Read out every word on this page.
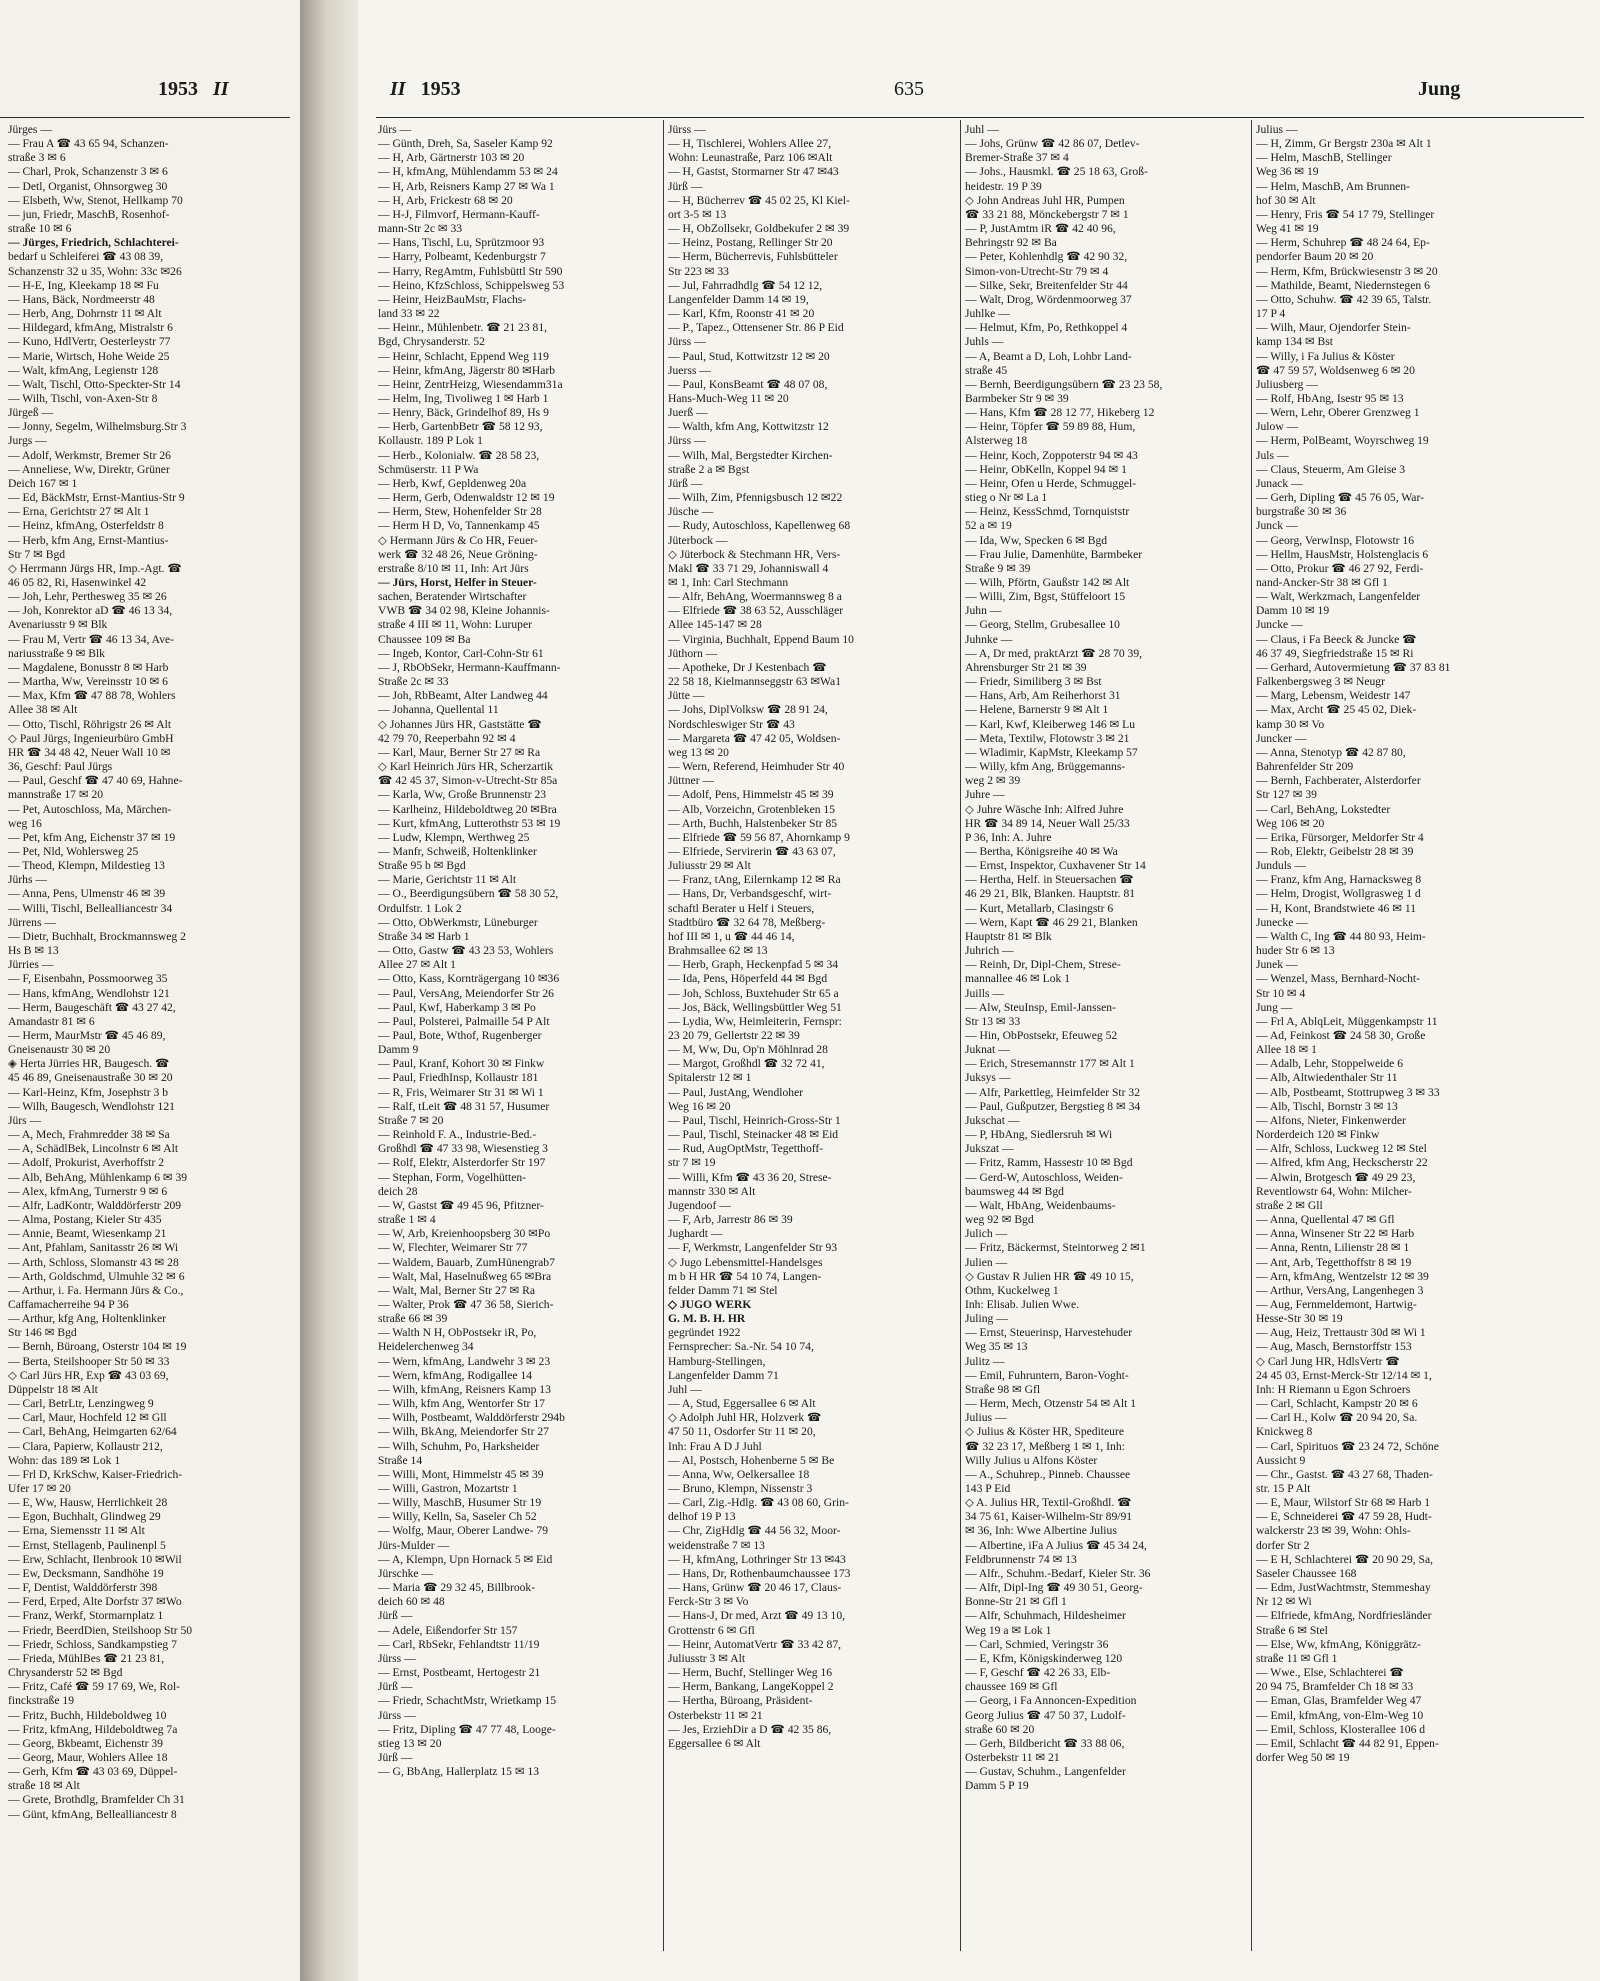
1953 II
Jürges —
— Frau A ☎ 43 65 94, Schanzen-
straße 3 ✉ 6
— Charl, Prok, Schanzenstr 3 ✉ 6
— Detl, Organist, Ohnsorgweg 30
— Elsbeth, Ww, Stenot, Hellkamp 70
— jun, Friedr, MaschB, Rosenhof-
straße 10 ✉ 6
— Jürges, Friedrich, Schlachterei-
bedarf u Schleiferei ☎ 43 08 39,
Schanzenstr 32 u 35, Wohn: 33c ✉26
— H-E, Ing, Kleekamp 18 ✉ Fu
— Hans, Bäck, Nordmeerstr 48
— Herb, Ang, Dohrnstr 11 ✉ Alt
— Hildegard, kfmAng, Mistralstr 6
— Kuno, HdlVertr, Oesterleystr 77
— Marie, Wirtsch, Hohe Weide 25
— Walt, kfmAng, Legienstr 128
— Walt, Tischl, Otto-Speckter-Str 14
— Wilh, Tischl, von-Axen-Str 8
Jürgeß —
— Jonny, Segelm, Wilhelmsburg.Str 3
Jurgs —
— Adolf, Werkmstr, Bremer Str 26
— Anneliese, Ww, Direktr, Grüner
Deich 167 ✉ 1
— Ed, BäckMstr, Ernst-Mantius-Str 9
— Erna, Gerichtstr 27 ✉ Alt 1
— Heinz, kfmAng, Osterfeldstr 8
— Herb, kfm Ang, Ernst-Mantius-
Str 7 ✉ Bgd
◇ Herrmann Jürgs HR, Imp.-Agt. ☎
46 05 82, Ri, Hasenwinkel 42
— Joh, Lehr, Perthesweg 35 ✉ 26
— Joh, Konrektor aD ☎ 46 13 34,
Avenariusstr 9 ✉ Blk
— Frau M, Vertr ☎ 46 13 34, Ave-
nariusstraße 9 ✉ Blk
— Magdalene, Bonusstr 8 ✉ Harb
— Martha, Ww, Vereinsstr 10 ✉ 6
— Max, Kfm ☎ 47 88 78, Wohlers
Allee 38 ✉ Alt
— Otto, Tischl, Röhrigstr 26 ✉ Alt
◇ Paul Jürgs, Ingenieurbüro GmbH
HR ☎ 34 48 42, Neuer Wall 10 ✉
36, Geschf: Paul Jürgs
— Paul, Geschf ☎ 47 40 69, Hahne-
mannstraße 17 ✉ 20
— Pet, Autoschloss, Ma, Märchen-
weg 16
— Pet, kfm Ang, Eichenstr 37 ✉ 19
— Pet, Nld, Wohlersweg 25
— Theod, Klempn, Mildestieg 13
Jürhs —
— Anna, Pens, Ulmenstr 46 ✉ 39
— Willi, Tischl, Bellealliancestr 34
Jürrens —
— Dietr, Buchhalt, Brockmannsweg 2
Hs B ✉ 13
Jürries —
— F, Eisenbahn, Possmoorweg 35
— Hans, kfmAng, Wendlohstr 121
— Herm, Baugeschäft ☎ 43 27 42,
Amandastr 81 ✉ 6
— Herm, MaurMstr ☎ 45 46 89,
Gneisenaustr 30 ✉ 20
◈ Herta Jürries HR, Baugesch. ☎
45 46 89, Gneisenaustraße 30 ✉ 20
— Karl-Heinz, Kfm, Josephstr 3 b
— Wilh, Baugesch, Wendlohstr 121
Jürs —
— A, Mech, Frahmredder 38 ✉ Sa
— A, SchädlBek, Lincolnstr 6 ✉ Alt
— Adolf, Prokurist, Averhoffstr 2
— Alb, BehAng, Mühlenkamp 6 ✉ 39
— Alex, kfmAng, Turnerstr 9 ✉ 6
— Alfr, LadKontr, Walddörferstr 209
— Alma, Postang, Kieler Str 435
— Annie, Beamt, Wiesenkamp 21
— Ant, Pfahlam, Sanitasstr 26 ✉ Wi
— Arth, Schloss, Slomanstr 43 ✉ 28
— Arth, Goldschmd, Ulmuhle 32 ✉ 6
— Arthur, i. Fa. Hermann Jürs & Co.,
Caffamacherreihe 94 P 36
— Arthur, kfg Ang, Holtenklinker
Str 146 ✉ Bgd
— Bernh, Büroang, Osterstr 104 ✉ 19
— Berta, Steilshooper Str 50 ✉ 33
◇ Carl Jürs HR, Exp ☎ 43 03 69,
Düppelstr 18 ✉ Alt
— Carl, BetrLtr, Lenzingweg 9
— Carl, Maur, Hochfeld 12 ✉ Gll
— Carl, BehAng, Heimgarten 62/64
— Clara, Papierw, Kollaustr 212,
Wohn: das 189 ✉ Lok 1
— Frl D, KrkSchw, Kaiser-Friedrich-
Ufer 17 ✉ 20
— E, Ww, Hausw, Herrlichkeit 28
— Egon, Buchhalt, Glindweg 29
— Erna, Siemensstr 11 ✉ Alt
— Ernst, Stellagenb, Paulinenpl 5
— Erw, Schlacht, Ilenbrook 10 ✉Wil
— Ew, Decksmann, Sandhöhe 19
— F, Dentist, Walddörferstr 398
— Ferd, Erped, Alte Dorfstr 37 ✉Wo
— Franz, Werkf, Stormarnplatz 1
— Friedr, BeerdDien, Steilshoop Str 50
— Friedr, Schloss, Sandkampstieg 7
— Frieda, MühlBes ☎ 21 23 81,
Chrysanderstr 52 ✉ Bgd
— Fritz, Café ☎ 59 17 69, We, Rol-
finckstraße 19
— Fritz, Buchh, Hildeboldweg 10
— Fritz, kfmAng, Hildeboldtweg 7a
— Georg, Bkbeamt, Eichenstr 39
— Georg, Maur, Wohlers Allee 18
— Gerh, Kfm ☎ 43 03 69, Düppel-
straße 18 ✉ Alt
— Grete, Brothdlg, Bramfelder Ch 31
— Günt, kfmAng, Bellealliancestr 8
II 1953	635	Jung
Jürs —
— Günth, Dreh, Sa, Saseler Kamp 92
— H, Arb, Gärtnerstr 103 ✉ 20
— H, kfmAng, Mühlendamm 53 ✉ 24
— H, Arb, Reisners Kamp 27 ✉ Wa 1
— H, Arb, Frickestr 68 ✉ 20
— H-J, Filmvorf, Hermann-Kauff-
mann-Str 2c ✉ 33
— Hans, Tischl, Lu, Sprützmoor 93
— Harry, Polbeamt, Kedenburgstr 7
— Harry, RegAmtm, Fuhlsbüttl Str 590
— Heino, KfzSchloss, Schippelsweg 53
— Heinr, HeizBauMstr, Flachs-
land 33 ✉ 22
— Heinr., Mühlenbetr. ☎ 21 23 81,
Bgd, Chrysanderstr. 52
— Heinr, Schlacht, Eppend Weg 119
— Heinr, kfmAng, Jägerstr 80 ✉Harb
— Heinr, ZentrHeizg, Wiesendamm31a
— Helm, Ing, Tivoliweg 1 ✉ Harb 1
— Henry, Bäck, Grindelhof 89, Hs 9
— Herb, GartenbBetr ☎ 58 12 93,
Kollaustr. 189 P Lok 1
— Herb., Kolonialw. ☎ 28 58 23,
Schmüserstr. 11 P Wa
— Herb, Kwf, Gepldenweg 20a
— Herm, Gerb, Odenwaldstr 12 ✉ 19
— Herm, Stew, Hohenfelder Str 28
— Herm H D, Vo, Tannenkamp 45
◇ Hermann Jürs & Co HR, Feuer-
werk ☎ 32 48 26, Neue Gröning-
erstraße 8/10 ✉ 11, Inh: Art Jürs
— Jürs, Horst, Helfer in Steuer-
sachen, Beratender Wirtschafter
VWB ☎ 34 02 98, Kleine Johannis-
straße 4 III ✉ 11, Wohn: Luruper
Chaussee 109 ✉ Ba
— Ingeb, Kontor, Carl-Cohn-Str 61
— J, RbObSekr, Hermann-Kauffmann-
Straße 2c ✉ 33
— Joh, RbBeamt, Alter Landweg 44
— Johanna, Quellental 11
◇ Johannes Jürs HR, Gaststätte ☎
42 79 70, Reeperbahn 92 ✉ 4
— Karl, Maur, Berner Str 27 ✉ Ra
◇ Karl Heinrich Jürs HR, Scherzartik
☎ 42 45 37, Simon-v-Utrecht-Str 85a
— Karla, Ww, Große Brunnenstr 23
— Karlheinz, Hildeboldtweg 20 ✉Bra
— Kurt, kfmAng, Lutterothstr 53 ✉ 19
— Ludw, Klempn, Werthweg 25
— Manfr, Schweiß, Holtenklinker
Straße 95 b ✉ Bgd
— Marie, Gerichtstr 11 ✉ Alt
— O., Beerdigungsübern ☎ 58 30 52,
Ordulfstr. 1 Lok 2
— Otto, ObWerkmstr, Lüneburger
Straße 34 ✉ Harb 1
— Otto, Gastw ☎ 43 23 53, Wohlers
Allee 27 ✉ Alt 1
— Otto, Kass, Kornträgergang 10 ✉36
— Paul, VersAng, Meiendorfer Str 26
— Paul, Kwf, Haberkamp 3 ✉ Po
— Paul, Polsterei, Palmaille 54 P Alt
— Paul, Bote, Wthof, Rugenberger
Damm 9
— Paul, Kranf, Kohort 30 ✉ Finkw
— Paul, FriedhInsp, Kollaustr 181
— R, Fris, Weimarer Str 31 ✉ Wi 1
— Ralf, tLeit ☎ 48 31 57, Husumer
Straße 7 ✉ 20
— Reinhold F. A., Industrie-Bed.-
Großhdl ☎ 47 33 98, Wiesenstieg 3
— Rolf, Elektr, Alsterdorfer Str 197
— Stephan, Form, Vogelhütten-
deich 28
— W, Gastst ☎ 49 45 96, Pfitzner-
straße 1 ✉ 4
— W, Arb, Kreienhoopsberg 30 ✉Po
— W, Flechter, Weimarer Str 77
— Waldem, Bauarb, ZumHünengrab7
— Walt, Mal, Haselnußweg 65 ✉Bra
— Walt, Mal, Berner Str 27 ✉ Ra
— Walter, Prok ☎ 47 36 58, Sierich-
straße 66 ✉ 39
— Walth N H, ObPostsekr iR, Po,
Heidelerchenweg 34
— Wern, kfmAng, Landwehr 3 ✉ 23
— Wern, kfmAng, Rodigallee 14
— Wilh, kfmAng, Reisners Kamp 13
— Wilh, kfm Ang, Wentorfer Str 17
— Wilh, Postbeamt, Walddörferstr 294b
— Wilh, BkAng, Meiendorfer Str 27
— Wilh, Schuhm, Po, Harksheider
Straße 14
— Willi, Mont, Himmelstr 45 ✉ 39
— Willi, Gastron, Mozartstr 1
— Willy, MaschB, Husumer Str 19
— Willy, Kelln, Sa, Saseler Ch 52
— Wolfg, Maur, Oberer Landwe- 79
Jürs-Mulder —
— A, Klempn, Upn Hornack 5 ✉ Eid
Jürschke —
— Maria ☎ 29 32 45, Billbrook-
deich 60 ✉ 48
Jürß —
— Adele, Eißendorfer Str 157
— Carl, RbSekr, Fehlandtstr 11/19
Jürss —
— Ernst, Postbeamt, Hertogestr 21
Jürß —
— Friedr, SchachtMstr, Wrietkamp 15
Jürss —
— Fritz, Dipling ☎ 47 77 48, Looge-
stieg 13 ✉ 20
Jürß —
— G, BbAng, Hallerplatz 15 ✉ 13
Jürss —
— H, Tischlerei, Wohlers Allee 27,
Wohn: Leunastraße, Parz 106 ✉Alt
— H, Gastst, Stormarner Str 47 ✉43
Jürß —
— H, Bücherrev ☎ 45 02 25, Kl Kiel-
ort 3-5 ✉ 13
— H, ObZollsekr, Goldbekufer 2 ✉ 39
— Heinz, Postang, Rellinger Str 20
— Herm, Bücherrevis, Fuhlsbütteler
Str 223 ✉ 33
— Jul, Fahrradhdlg ☎ 54 12 12,
Langenfelder Damm 14 ✉ 19,
— Karl, Kfm, Roonstr 41 ✉ 20
— P., Tapez., Ottensener Str. 86 P Eid
Jürss —
— Paul, Stud, Kottwitzstr 12 ✉ 20
Juerss —
— Paul, KonsBeamt ☎ 48 07 08,
Hans-Much-Weg 11 ✉ 20
Juerß —
— Walth, kfm Ang, Kottwitzstr 12
Jürss —
— Wilh, Mal, Bergstedter Kirchen-
straße 2 a ✉ Bgst
Jürß —
— Wilh, Zim, Pfennigsbusch 12 ✉22
Jüsche —
— Rudy, Autoschloss, Kapellenweg 68
Jüterbock —
◇ Jüterbock & Stechmann HR, Vers-
Makl ☎ 33 71 29, Johanniswall 4
✉ 1, Inh: Carl Stechmann
— Alfr, BehAng, Woermannsweg 8 a
— Elfriede ☎ 38 63 52, Ausschläger
Allee 145-147 ✉ 28
— Virginia, Buchhalt, Eppend Baum 10
Jüthorn —
— Apotheke, Dr J Kestenbach ☎
22 58 18, Kielmannseggstr 63 ✉Wa1
Jütte —
— Johs, DiplVolksw ☎ 28 91 24,
Nordschleswiger Str ☎ 43
— Margareta ☎ 47 42 05, Woldsen-
weg 13 ✉ 20
— Wern, Referend, Heimhuder Str 40
Jüttner —
— Adolf, Pens, Himmelstr 45 ✉ 39
— Alb, Vorzeichn, Grotenbleken 15
— Arth, Buchh, Halstenbeker Str 85
— Elfriede ☎ 59 56 87, Ahornkamp 9
— Elfriede, Servirerin ☎ 43 63 07,
Juliusstr 29 ✉ Alt
— Franz, tAng, Eilernkamp 12 ✉ Ra
— Hans, Dr, Verbandsgeschf, wirt-
schaftl Berater u Helf i Steuers,
Stadtbüro ☎ 32 64 78, Meßberg-
hof III ✉ 1, u ☎ 44 46 14,
Brahmsallee 62 ✉ 13
— Herb, Graph, Heckenpfad 5 ✉ 34
— Ida, Pens, Höperfeld 44 ✉ Bgd
— Joh, Schloss, Buxtehuder Str 65 a
— Jos, Bäck, Wellingsbüttler Weg 51
— Lydia, Ww, Heimleiterin, Fernspr:
23 20 79, Gellertstr 22 ✉ 39
— M, Ww, Du, Op'n Möhlnrad 28
— Margot, Großhdl ☎ 32 72 41,
Spitalerstr 12 ✉ 1
— Paul, JustAng, Wendloher
Weg 16 ✉ 20
— Paul, Tischl, Heinrich-Gross-Str 1
— Paul, Tischl, Steinacker 48 ✉ Eid
— Rud, AugOptMstr, Tegetthoff-
str 7 ✉ 19
— Willi, Kfm ☎ 43 36 20, Strese-
mannstr 330 ✉ Alt
Jugendoof —
— F, Arb, Jarrestr 86 ✉ 39
Jughardt —
— F, Werkmstr, Langenfelder Str 93
◇ Jugo Lebensmittel-Handelsges
m b H HR ☎ 54 10 74, Langen-
felder Damm 71 ✉ Stel
◇ JUGO WERK
G. M. B. H. HR
gegründet 1922
Fernsprecher: Sa.-Nr. 54 10 74,
Hamburg-Stellingen,
Langenfelder Damm 71
Juhl —
— A, Stud, Eggersallee 6 ✉ Alt
◇ Adolph Juhl HR, Holzverk ☎
47 50 11, Osdorfer Str 11 ✉ 20,
Inh: Frau A D J Juhl
— Al, Postsch, Hohenberne 5 ✉ Be
— Anna, Ww, Oelkersallee 18
— Bruno, Klempn, Nissenstr 3
— Carl, Zig.-Hdlg. ☎ 43 08 60, Grin-
delhof 19 P 13
— Chr, ZigHdlg ☎ 44 56 32, Moor-
weidenstraße 7 ✉ 13
— H, kfmAng, Lothringer Str 13 ✉43
— Hans, Dr, Rothenbaumchaussee 173
— Hans, Grünw ☎ 20 46 17, Claus-
Ferck-Str 3 ✉ Vo
— Hans-J, Dr med, Arzt ☎ 49 13 10,
Grottenstr 6 ✉ Gfl
— Heinr, AutomatVertr ☎ 33 42 87,
Juliusstr 3 ✉ Alt
— Herm, Buchf, Stellinger Weg 16
— Herm, Bankang, LangeKoppel 2
— Hertha, Büroang, Präsident-
Osterbekstr 11 ✉ 21
— Jes, ErziehDir a D ☎ 42 35 86,
Eggersallee 6 ✉ Alt
Juhl —
— Johs, Grünw ☎ 42 86 07, Detlev-
Bremer-Straße 37 ✉ 4
— Johs., Hausmkl. ☎ 25 18 63, Groß-
heidestr. 19 P 39
◇ John Andreas Juhl HR, Pumpen
☎ 33 21 88, Mönckebergstr 7 ✉ 1
— P, JustAmtm iR ☎ 42 40 96,
Behringstr 92 ✉ Ba
— Peter, Kohlenhdlg ☎ 42 90 32,
Simon-von-Utrecht-Str 79 ✉ 4
— Silke, Sekr, Breitenfelder Str 44
— Walt, Drog, Wördenmoorweg 37
Juhlke —
— Helmut, Kfm, Po, Rethkoppel 4
Juhls —
— A, Beamt a D, Loh, Lohbr Land-
straße 45
— Bernh, Beerdigungsübern ☎ 23 23 58,
Barmbeker Str 9 ✉ 39
— Hans, Kfm ☎ 28 12 77, Hikeberg 12
— Heinr, Töpfer ☎ 59 89 88, Hum,
Alsterweg 18
— Heinr, Koch, Zoppoterstr 94 ✉ 43
— Heinr, ObKelln, Koppel 94 ✉ 1
— Heinr, Ofen u Herde, Schmuggel-
stieg o Nr ✉ La 1
— Heinz, KessSchmd, Tornquiststr
52 a ✉ 19
— Ida, Ww, Specken 6 ✉ Bgd
— Frau Julie, Damenhüte, Barmbeker
Straße 9 ✉ 39
— Wilh, Pförtn, Gaußstr 142 ✉ Alt
— Willi, Zim, Bgst, Stüffeloort 15
Juhn —
— Georg, Stellm, Grubesallee 10
Juhnke —
— A, Dr med, praktArzt ☎ 28 70 39,
Ahrensburger Str 21 ✉ 39
— Friedr, Similiberg 3 ✉ Bst
— Hans, Arb, Am Reiherhorst 31
— Helene, Barnerstr 9 ✉ Alt 1
— Karl, Kwf, Kleiberweg 146 ✉ Lu
— Meta, Textilw, Flotowstr 3 ✉ 21
— Wladimir, KapMstr, Kleekamp 57
— Willy, kfm Ang, Brüggemanns-
weg 2 ✉ 39
Juhre —
◇ Juhre Wäsche Inh: Alfred Juhre
HR ☎ 34 89 14, Neuer Wall 25/33
P 36, Inh: A. Juhre
— Bertha, Königsreihe 40 ✉ Wa
— Ernst, Inspektor, Cuxhavener Str 14
— Hertha, Helf. in Steuersachen ☎
46 29 21, Blk, Blanken. Hauptstr. 81
— Kurt, Metallarb, Clasingstr 6
— Wern, Kapt ☎ 46 29 21, Blanken
Hauptstr 81 ✉ Blk
Juhrich —
— Reinh, Dr, Dipl-Chem, Strese-
mannallee 46 ✉ Lok 1
Juills —
— Alw, SteuInsp, Emil-Janssen-
Str 13 ✉ 33
— Hin, ObPostsekr, Efeuweg 52
Juknat —
— Erich, Stresemannstr 177 ✉ Alt 1
Juksys —
— Alfr, Parkettleg, Heimfelder Str 32
— Paul, Gußputzer, Bergstieg 8 ✉ 34
Jukschat —
— P, HbAng, Siedlersruh ✉ Wi
Jukszat —
— Fritz, Ramm, Hassestr 10 ✉ Bgd
— Gerd-W, Autoschloss, Weiden-
baumsweg 44 ✉ Bgd
— Walt, HbAng, Weidenbaums-
weg 92 ✉ Bgd
Julich —
— Fritz, Bäckermst, Steintorweg 2 ✉1
Julien —
◇ Gustav R Julien HR ☎ 49 10 15,
Othm, Kuckelweg 1
Inh: Elisab. Julien Wwe.
Juling —
— Ernst, Steuerinsp, Harvestehuder
Weg 35 ✉ 13
Julitz —
— Emil, Fuhruntern, Baron-Voght-
Straße 98 ✉ Gfl
— Herm, Mech, Otzenstr 54 ✉ Alt 1
Julius —
◇ Julius & Köster HR, Spediteure
☎ 32 23 17, Meßberg 1 ✉ 1, Inh:
Willy Julius u Alfons Köster
— A., Schuhrep., Pinneb. Chaussee
143 P Eid
◇ A. Julius HR, Textil-Großhdl. ☎
34 75 61, Kaiser-Wilhelm-Str 89/91
✉ 36, Inh: Wwe Albertine Julius
— Albertine, iFa A Julius ☎ 45 34 24,
Feldbrunnenstr 74 ✉ 13
— Alfr., Schuhm.-Bedarf, Kieler Str. 36
— Alfr, Dipl-Ing ☎ 49 30 51, Georg-
Bonne-Str 21 ✉ Gfl 1
— Alfr, Schuhmach, Hildesheimer
Weg 19 a ✉ Lok 1
— Carl, Schmied, Veringstr 36
— E, Kfm, Königskinderweg 120
— F, Geschf ☎ 42 26 33, Elb-
chaussee 169 ✉ Gfl
— Georg, i Fa Annoncen-Expedition
Georg Julius ☎ 47 50 37, Ludolf-
straße 60 ✉ 20
— Gerh, Bildbericht ☎ 33 88 06,
Osterbekstr 11 ✉ 21
— Gustav, Schuhm., Langenfelder
Damm 5 P 19
Julius —
— H, Zimm, Gr Bergstr 230a ✉ Alt 1
— Helm, MaschB, Stellinger
Weg 36 ✉ 19
— Helm, MaschB, Am Brunnen-
hof 30 ✉ Alt
— Henry, Fris ☎ 54 17 79, Stellinger
Weg 41 ✉ 19
— Herm, Schuhrep ☎ 48 24 64, Ep-
pendorfer Baum 20 ✉ 20
— Herm, Kfm, Brückwiesenstr 3 ✉ 20
— Mathilde, Beamt, Niedernstegen 6
— Otto, Schuhw. ☎ 42 39 65, Talstr.
17 P 4
— Wilh, Maur, Ojendorfer Stein-
kamp 134 ✉ Bst
— Willy, i Fa Julius & Köster
☎ 47 59 57, Woldsenweg 6 ✉ 20
Juliusberg —
— Rolf, HbAng, Isestr 95 ✉ 13
— Wern, Lehr, Oberer Grenzweg 1
Julow —
— Herm, PolBeamt, Woyrschweg 19
Juls —
— Claus, Steuerm, Am Gleise 3
Junack —
— Gerh, Dipling ☎ 45 76 05, War-
burgstraße 30 ✉ 36
Junck —
— Georg, VerwInsp, Flotowstr 16
— Hellm, HausMstr, Holstenglacis 6
— Otto, Prokur ☎ 46 27 92, Ferdi-
nand-Ancker-Str 38 ✉ Gfl 1
— Walt, Werkzmach, Langenfelder
Damm 10 ✉ 19
Juncke —
— Claus, i Fa Beeck & Juncke ☎
46 37 49, Siegfriedstraße 15 ✉ Ri
— Gerhard, Autovermietung ☎ 37 83 81
Falkenbergsweg 3 ✉ Neugr
— Marg, Lebensm, Weidestr 147
— Max, Archt ☎ 25 45 02, Diek-
kamp 30 ✉ Vo
Juncker —
— Anna, Stenotyp ☎ 42 87 80,
Bahrenfelder Str 209
— Bernh, Fachberater, Alsterdorfer
Str 127 ✉ 39
— Carl, BehAng, Lokstedter
Weg 106 ✉ 20
— Erika, Fürsorger, Meldorfer Str 4
— Rob, Elektr, Geibelstr 28 ✉ 39
Junduls —
— Franz, kfm Ang, Harnacksweg 8
— Helm, Drogist, Wollgrasweg 1 d
— H, Kont, Brandstwiete 46 ✉ 11
Junecke —
— Walth C, Ing ☎ 44 80 93, Heim-
huder Str 6 ✉ 13
Junek —
— Wenzel, Mass, Bernhard-Nocht-
Str 10 ✉ 4
Jung —
— Frl A, AblqLeit, Müggenkampstr 11
— Ad, Feinkost ☎ 24 58 30, Große
Allee 18 ✉ 1
— Adalb, Lehr, Stoppelweide 6
— Alb, Altwiedenthaler Str 11
— Alb, Postbeamt, Stottrupweg 3 ✉ 33
— Alb, Tischl, Bornstr 3 ✉ 13
— Alfons, Nieter, Finkenwerder
Norderdeich 120 ✉ Finkw
— Alfr, Schloss, Luckweg 12 ✉ Stel
— Alfred, kfm Ang, Heckscherstr 22
— Alwin, Brotgesch ☎ 49 29 23,
Reventlowstr 64, Wohn: Milcher-
straße 2 ✉ Gll
— Anna, Quellental 47 ✉ Gfl
— Anna, Winsener Str 22 ✉ Harb
— Anna, Rentn, Lilienstr 28 ✉ 1
— Ant, Arb, Tegetthoffstr 8 ✉ 19
— Arn, kfmAng, Wentzelstr 12 ✉ 39
— Arthur, VersAng, Langenhegen 3
— Aug, Fernmeldemont, Hartwig-
Hesse-Str 30 ✉ 19
— Aug, Heiz, Trettaustr 30d ✉ Wi 1
— Aug, Masch, Bernstorffstr 153
◇ Carl Jung HR, HdlsVertr ☎
24 45 03, Ernst-Merck-Str 12/14 ✉ 1,
Inh: H Riemann u Egon Schroers
— Carl, Schlacht, Kampstr 20 ✉ 6
— Carl H., Kolw ☎ 20 94 20, Sa.
Knickweg 8
— Carl, Spirituos ☎ 23 24 72, Schöne
Aussicht 9
— Chr., Gastst. ☎ 43 27 68, Thaden-
str. 15 P Alt
— E, Maur, Wilstorf Str 68 ✉ Harb 1
— E, Schneiderei ☎ 47 59 28, Hudt-
walckerstr 23 ✉ 39, Wohn: Ohls-
dorfer Str 2
— E H, Schlachterei ☎ 20 90 29, Sa,
Saseler Chaussee 168
— Edm, JustWachtmstr, Stemmeshay
Nr 12 ✉ Wi
— Elfriede, kfmAng, Nordfriesländer
Straße 6 ✉ Stel
— Else, Ww, kfmAng, Königgrätz-
straße 11 ✉ Gfl 1
— Wwe., Else, Schlachterei ☎
20 94 75, Bramfelder Ch 18 ✉ 33
— Eman, Glas, Bramfelder Weg 47
— Emil, kfmAng, von-Elm-Weg 10
— Emil, Schloss, Klosterallee 106 d
— Emil, Schlacht ☎ 44 82 91, Eppen-
dorfer Weg 50 ✉ 19
